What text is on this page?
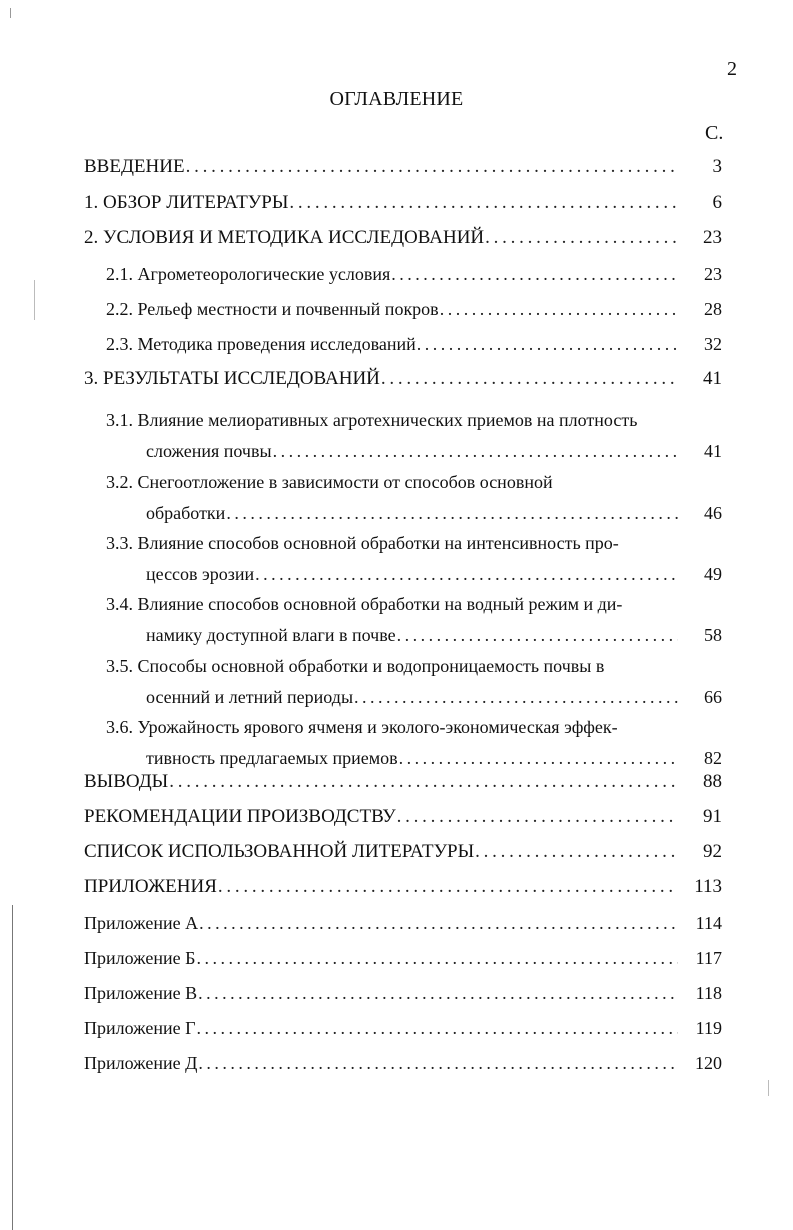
2
ОГЛАВЛЕНИЕ
С.
ВВЕДЕНИЕ . . .	3
1. ОБЗОР ЛИТЕРАТУРЫ . . .	6
2. УСЛОВИЯ И МЕТОДИКА ИССЛЕДОВАНИЙ . . .	23
2.1. Агрометеорологические условия . . .	23
2.2. Рельеф местности и почвенный покров . . .	28
2.3. Методика проведения исследований . . .	32
3. РЕЗУЛЬТАТЫ ИССЛЕДОВАНИЙ . . .	41
3.1. Влияние мелиоративных агротехнических приемов на плотность
сложения почвы . . .	41
3.2. Снегоотложение в зависимости от способов основной
обработки . . .	46
3.3. Влияние способов основной обработки на интенсивность про-
цессов эрозии . . .	49
3.4. Влияние способов основной обработки на водный режим и ди-
намику доступной влаги в почве . . .	58
3.5. Способы основной обработки и водопроницаемость почвы в
осенний и летний периоды . . .	66
3.6. Урожайность ярового ячменя и эколого-экономическая эффек-
тивность предлагаемых приемов . . .	82
ВЫВОДЫ . . .	88
РЕКОМЕНДАЦИИ ПРОИЗВОДСТВУ . . .	91
СПИСОК ИСПОЛЬЗОВАННОЙ ЛИТЕРАТУРЫ . . .	92
ПРИЛОЖЕНИЯ . . .	113
Приложение А . . .	114
Приложение Б . . .	117
Приложение В . . .	118
Приложение Г . . .	119
Приложение Д . . .	120
